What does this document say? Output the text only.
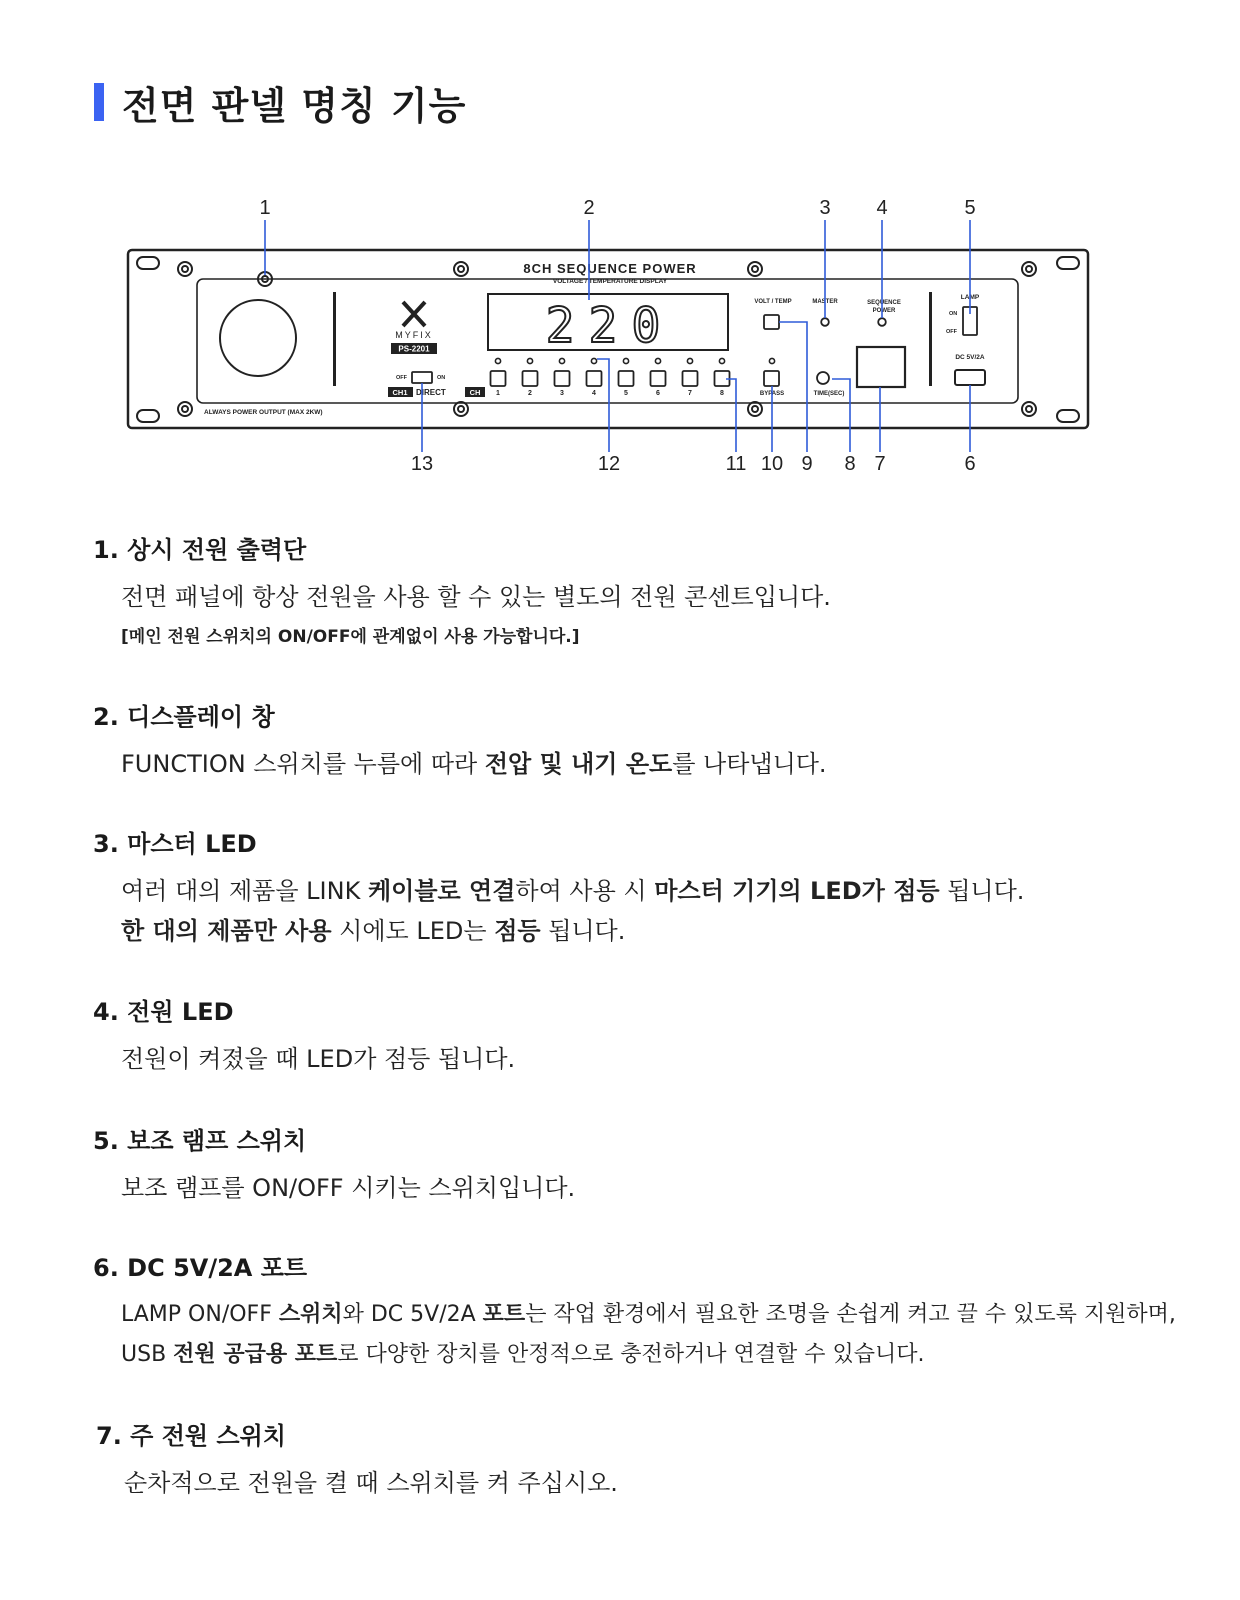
전면 판넬 명칭 기능
1	2	3 4	5
13	12	11 10 9 8 7	6
ALWAYS POWER OUTPUT (MAX 2KW)
MYFIX
PS-2201
OFF	ON
CH1 DIRECT	CH
8CH SEQUENCE POWER
VOLTAGE / TEMPERATURE DISPLAY
220
1	2	3	4	5	6	7	8
VOLT / TEMP	MASTER	SEQUENCE
POWER
BYPASS	TIME(SEC)
LAMP
ON
OFF
DC 5V/2A
1. 상시 전원 출력단

전면 패널에 항상 전원을 사용 할 수 있는 별도의 전원 콘센트입니다.

[메인 전원 스위치의 ON/OFF에 관계없이 사용 가능합니다.]

2. 디스플레이 창

FUNCTION 스위치를 누름에 따라 전압 및 내기 온도를 나타냅니다.

3. 마스터 LED

여러 대의 제품을 LINK 케이블로 연결하여 사용 시 마스터 기기의 LED가 점등 됩니다.

한 대의 제품만 사용 시에도 LED는 점등 됩니다.

4. 전원 LED

전원이 켜졌을 때 LED가 점등 됩니다.

5. 보조 램프 스위치

보조 램프를 ON/OFF 시키는 스위치입니다.

6. DC 5V/2A 포트

LAMP ON/OFF 스위치와 DC 5V/2A 포트는 작업 환경에서 필요한 조명을 손쉽게 켜고 끌 수 있도록 지원하며,

USB 전원 공급용 포트로 다양한 장치를 안정적으로 충전하거나 연결할 수 있습니다.

7. 주 전원 스위치

순차적으로 전원을 켤 때 스위치를 켜 주십시오.
